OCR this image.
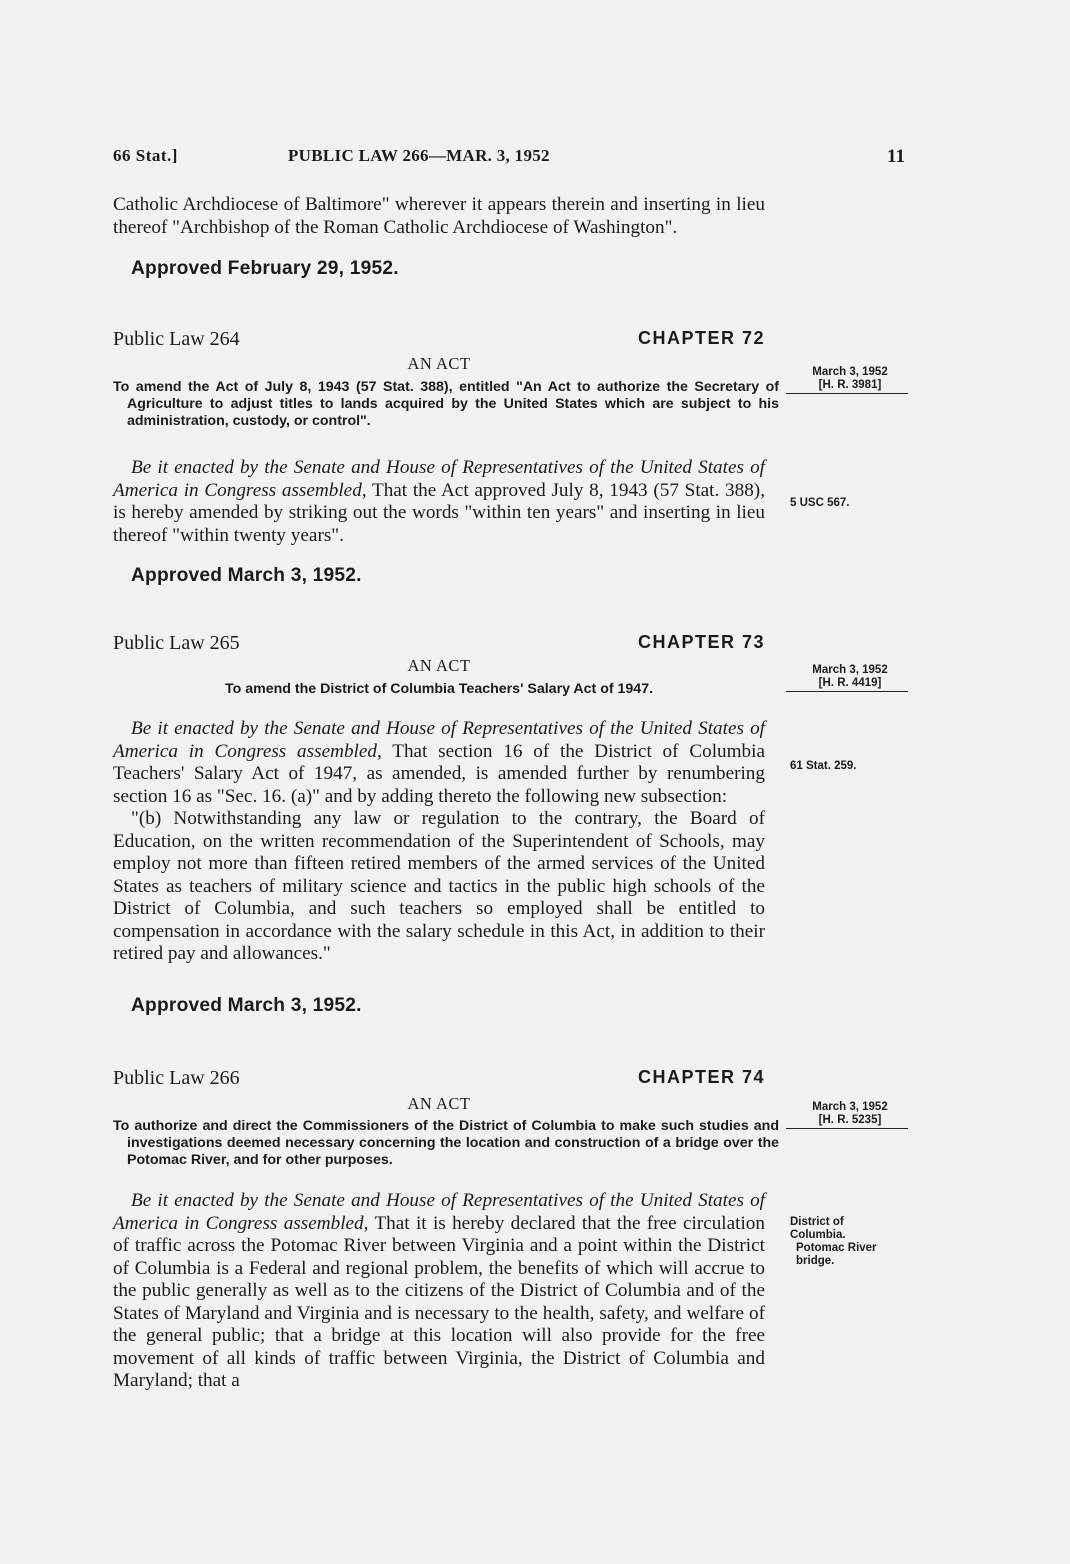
66 Stat.]	PUBLIC LAW 266—MAR. 3, 1952	11

Catholic Archdiocese of Baltimore" wherever it appears therein and inserting in lieu thereof "Archbishop of the Roman Catholic Archdiocese of Washington".

Approved February 29, 1952.
Public Law 264	CHAPTER 72
AN ACT
To amend the Act of July 8, 1943 (57 Stat. 388), entitled "An Act to authorize the Secretary of Agriculture to adjust titles to lands acquired by the United States which are subject to his administration, custody, or control".
March 3, 1952
[H. R. 3981]

Be it enacted by the Senate and House of Representatives of the United States of America in Congress assembled, That the Act approved July 8, 1943 (57 Stat. 388), is hereby amended by striking out the words "within ten years" and inserting in lieu thereof "within twenty years".

5 USC 567.
Approved March 3, 1952.
Public Law 265	CHAPTER 73
AN ACT
To amend the District of Columbia Teachers' Salary Act of 1947.
March 3, 1952
[H. R. 4419]

Be it enacted by the Senate and House of Representatives of the United States of America in Congress assembled, That section 16 of the District of Columbia Teachers' Salary Act of 1947, as amended, is amended further by renumbering section 16 as "Sec. 16. (a)" and by adding thereto the following new subsection:

"(b) Notwithstanding any law or regulation to the contrary, the Board of Education, on the written recommendation of the Superintendent of Schools, may employ not more than fifteen retired members of the armed services of the United States as teachers of military science and tactics in the public high schools of the District of Columbia, and such teachers so employed shall be entitled to compensation in accordance with the salary schedule in this Act, in addition to their retired pay and allowances."

61 Stat. 259.
Approved March 3, 1952.
Public Law 266	CHAPTER 74
AN ACT
To authorize and direct the Commissioners of the District of Columbia to make such studies and investigations deemed necessary concerning the location and construction of a bridge over the Potomac River, and for other purposes.
March 3, 1952
[H. R. 5235]

Be it enacted by the Senate and House of Representatives of the United States of America in Congress assembled, That it is hereby declared that the free circulation of traffic across the Potomac River between Virginia and a point within the District of Columbia is a Federal and regional problem, the benefits of which will accrue to the public generally as well as to the citizens of the District of Columbia and of the States of Maryland and Virginia and is necessary to the health, safety, and welfare of the general public; that a bridge at this location will also provide for the free movement of all kinds of traffic between Virginia, the District of Columbia and Maryland; that a

District of Columbia.
Potomac River bridge.
